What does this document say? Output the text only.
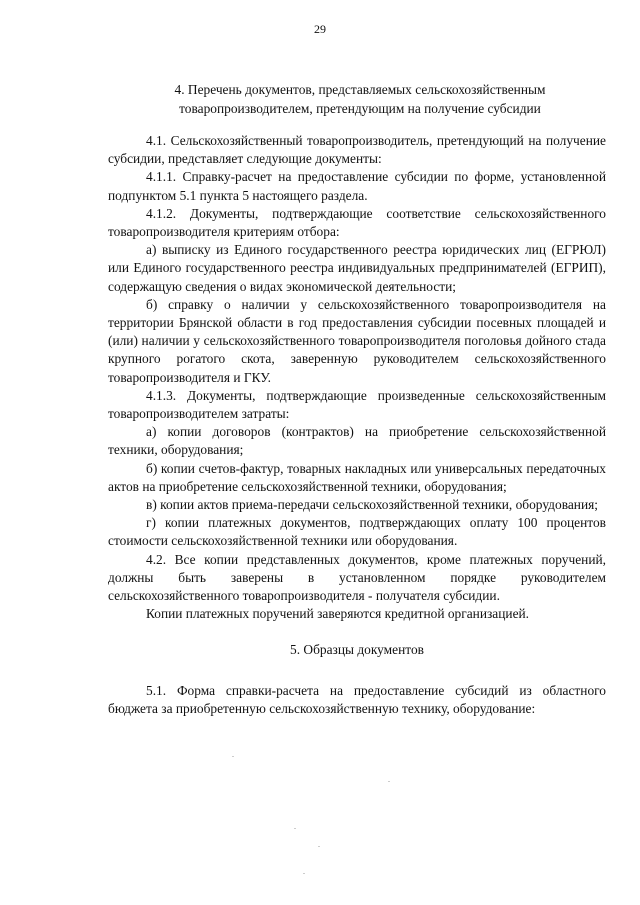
29
4. Перечень документов, представляемых сельскохозяйственным
товаропроизводителем, претендующим на получение субсидии

4.1. Сельскохозяйственный товаропроизводитель, претендующий на получение субсидии, представляет следующие документы:

4.1.1. Справку-расчет на предоставление субсидии по форме, установленной подпунктом 5.1 пункта 5 настоящего раздела.

4.1.2. Документы, подтверждающие соответствие сельскохозяйственного товаропроизводителя критериям отбора:

а) выписку из Единого государственного реестра юридических лиц (ЕГРЮЛ) или Единого государственного реестра индивидуальных предпринимателей (ЕГРИП), содержащую сведения о видах экономической деятельности;

б) справку о наличии у сельскохозяйственного товаропроизводителя на территории Брянской области в год предоставления субсидии посевных площадей и (или) наличии у сельскохозяйственного товаропроизводителя поголовья дойного стада крупного рогатого скота, заверенную руководителем сельскохозяйственного товаропроизводителя и ГКУ.

4.1.3. Документы, подтверждающие произведенные сельскохозяйственным товаропроизводителем затраты:

а) копии договоров (контрактов) на приобретение сельскохозяйственной техники, оборудования;

б) копии счетов-фактур, товарных накладных или универсальных передаточных актов на приобретение сельскохозяйственной техники, оборудования;

в) копии актов приема-передачи сельскохозяйственной техники, оборудования;

г) копии платежных документов, подтверждающих оплату 100 процентов стоимости сельскохозяйственной техники или оборудования.

4.2. Все копии представленных документов, кроме платежных поручений, должны быть заверены в установленном порядке руководителем сельскохозяйственного товаропроизводителя - получателя субсидии.

Копии платежных поручений заверяются кредитной организацией.

5. Образцы документов

5.1. Форма справки-расчета на предоставление субсидий из областного бюджета за приобретенную сельскохозяйственную технику, оборудование:
